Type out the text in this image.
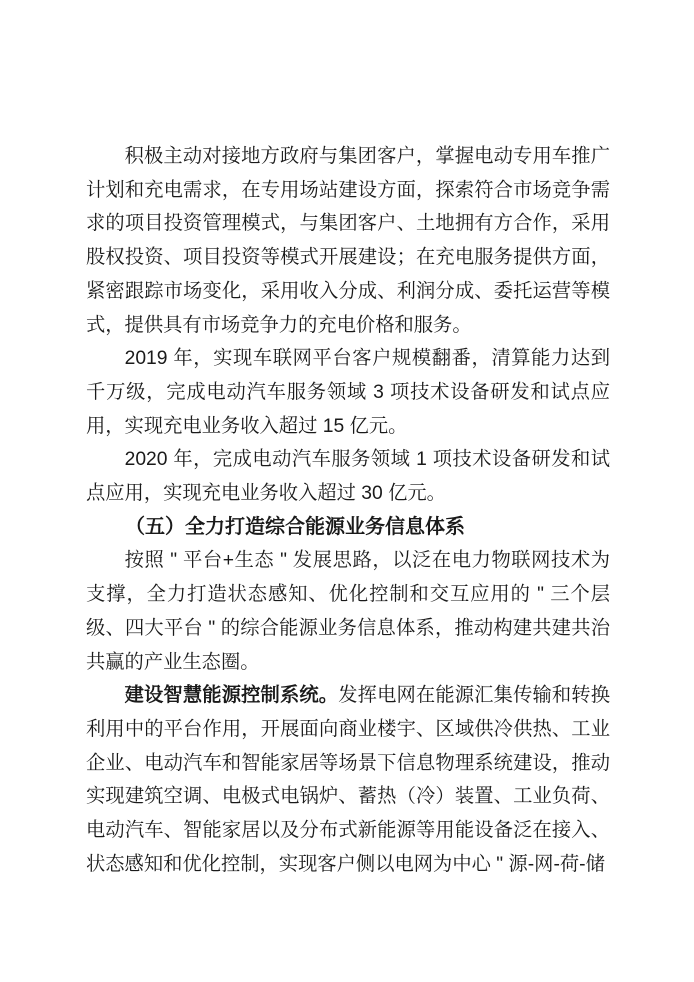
积极主动对接地方政府与集团客户，掌握电动专用车推广计划和充电需求，在专用场站建设方面，探索符合市场竞争需求的项目投资管理模式，与集团客户、土地拥有方合作，采用股权投资、项目投资等模式开展建设；在充电服务提供方面，紧密跟踪市场变化，采用收入分成、利润分成、委托运营等模式，提供具有市场竞争力的充电价格和服务。

2019 年，实现车联网平台客户规模翻番，清算能力达到千万级，完成电动汽车服务领域 3 项技术设备研发和试点应用，实现充电业务收入超过 15 亿元。

2020 年，完成电动汽车服务领域 1 项技术设备研发和试点应用，实现充电业务收入超过 30 亿元。

（五）全力打造综合能源业务信息体系

按照 " 平台+生态 " 发展思路，以泛在电力物联网技术为支撑，全力打造状态感知、优化控制和交互应用的 " 三个层级、四大平台 " 的综合能源业务信息体系，推动构建共建共治共赢的产业生态圈。

建设智慧能源控制系统。发挥电网在能源汇集传输和转换利用中的平台作用，开展面向商业楼宇、区域供冷供热、工业企业、电动汽车和智能家居等场景下信息物理系统建设，推动实现建筑空调、电极式电锅炉、蓄热（冷）装置、工业负荷、电动汽车、智能家居以及分布式新能源等用能设备泛在接入、状态感知和优化控制，实现客户侧以电网为中心 " 源-网-荷-储
